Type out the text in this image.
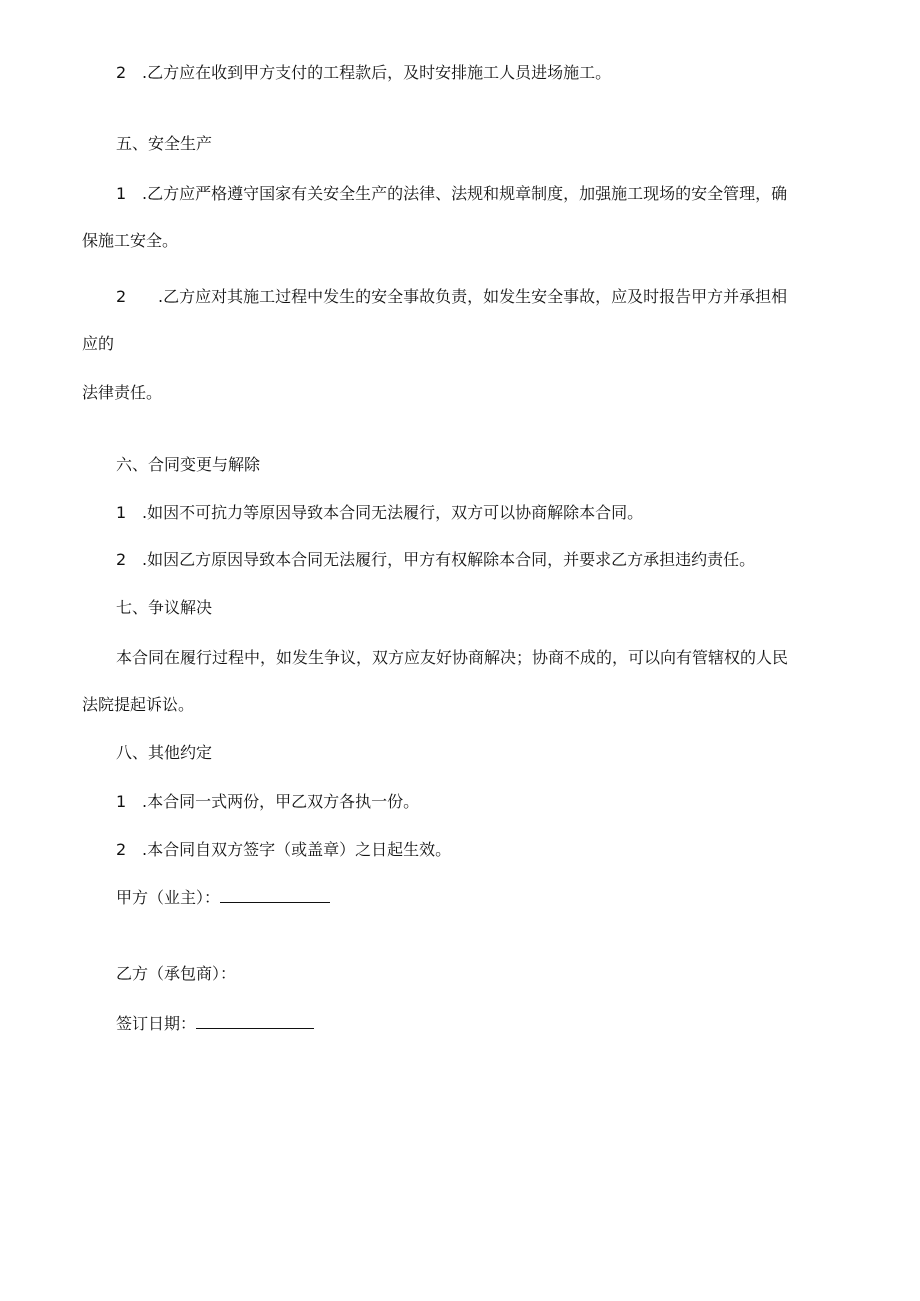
2 .乙方应在收到甲方支付的工程款后，及时安排施工人员进场施工。
五、安全生产
1 .乙方应严格遵守国家有关安全生产的法律、法规和规章制度，加强施工现场的安全管理，确
保施工安全。
2 .乙方应对其施工过程中发生的安全事故负责，如发生安全事故，应及时报告甲方并承担相
应的
法律责任。
六、合同变更与解除
1 .如因不可抗力等原因导致本合同无法履行，双方可以协商解除本合同。
2 .如因乙方原因导致本合同无法履行，甲方有权解除本合同，并要求乙方承担违约责任。
七、争议解决
本合同在履行过程中，如发生争议，双方应友好协商解决；协商不成的，可以向有管辖权的人民
法院提起诉讼。
八、其他约定
1 .本合同一式两份，甲乙双方各执一份。
2 .本合同自双方签字（或盖章）之日起生效。
甲方（业主）：
乙方（承包商）：
签订日期：
